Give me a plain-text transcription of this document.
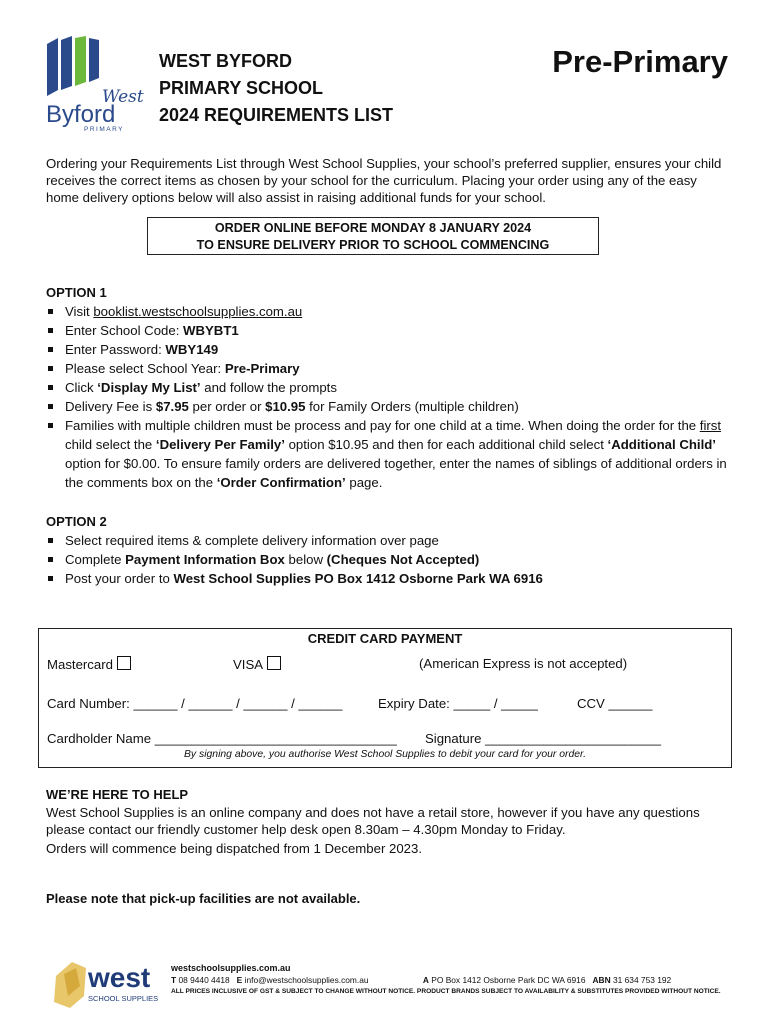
West
Byford
PRIMARY
WEST BYFORD
PRIMARY SCHOOL
2024 REQUIREMENTS LIST
Pre-Primary
Ordering your Requirements List through West School Supplies, your school’s preferred supplier, ensures your child receives the correct items as chosen by your school for the curriculum. Placing your order using any of the easy home delivery options below will also assist in raising additional funds for your school.
ORDER ONLINE BEFORE MONDAY 8 JANUARY 2024
TO ENSURE DELIVERY PRIOR TO SCHOOL COMMENCING
OPTION 1
Visit booklist.westschoolsupplies.com.au
Enter School Code: WBYBT1
Enter Password: WBY149
Please select School Year: Pre-Primary
Click ‘Display My List’ and follow the prompts
Delivery Fee is $7.95 per order or $10.95 for Family Orders (multiple children)
Families with multiple children must be process and pay for one child at a time. When doing the order for the first child select the ‘Delivery Per Family’ option $10.95 and then for each additional child select ‘Additional Child’ option for $0.00. To ensure family orders are delivered together, enter the names of siblings of additional orders in the comments box on the ‘Order Confirmation’ page.
OPTION 2
Select required items & complete delivery information over page
Complete Payment Information Box below (Cheques Not Accepted)
Post your order to West School Supplies PO Box 1412 Osborne Park WA 6916
CREDIT CARD PAYMENT
Mastercard	VISA	(American Express is not accepted)
Card Number: ______ / ______ / ______ / ______	Expiry Date: _____ / _____	CCV ______
Cardholder Name _________________________________ Signature ________________________
By signing above, you authorise West School Supplies to debit your card for your order.
WE’RE HERE TO HELP
West School Supplies is an online company and does not have a retail store, however if you have any questions please contact our friendly customer help desk open 8.30am – 4.30pm Monday to Friday.
Orders will commence being dispatched from 1 December 2023.
Please note that pick-up facilities are not available.
west
SCHOOL SUPPLIES
westschoolsupplies.com.au
T 08 9440 4418 E info@westschoolsupplies.com.au	A PO Box 1412 Osborne Park DC WA 6916 ABN 31 634 753 192
ALL PRICES INCLUSIVE OF GST & SUBJECT TO CHANGE WITHOUT NOTICE. PRODUCT BRANDS SUBJECT TO AVAILABILITY & SUBSTITUTES PROVIDED WITHOUT NOTICE.
